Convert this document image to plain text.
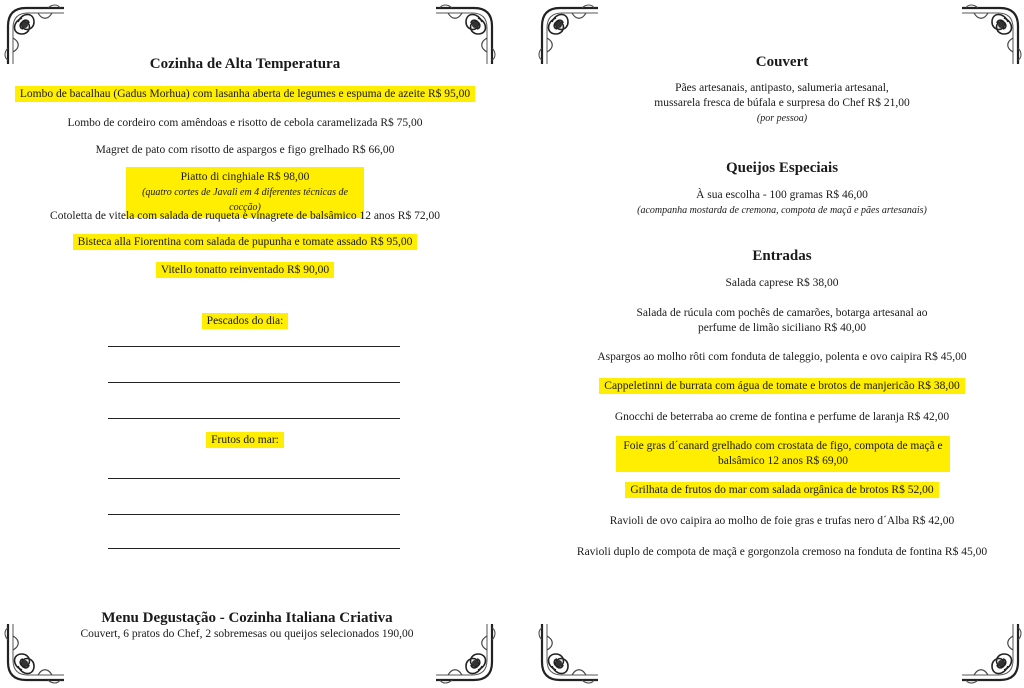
Cozinha de Alta Temperatura
Lombo de bacalhau (Gadus Morhua) com lasanha aberta de legumes e espuma de azeite R$ 95,00
Lombo de cordeiro com amêndoas e risotto de cebola caramelizada R$ 75,00
Magret de pato com risotto de aspargos e figo grelhado R$ 66,00
Piatto di cinghiale R$ 98,00
(quatro cortes de Javali em 4 diferentes técnicas de cocção)
Cotoletta de vitela com salada de ruqueta e vinagrete de balsâmico 12 anos R$ 72,00
Bisteca alla Fiorentina com salada de pupunha e tomate assado R$ 95,00
Vitello tonatto reinventado R$ 90,00
Pescados do dia:
Frutos do mar:
Menu Degustação - Cozinha Italiana Criativa
Couvert, 6 pratos do Chef, 2 sobremesas ou queijos selecionados 190,00
Couvert
Pães artesanais, antipasto, salumeria artesanal,
mussarela fresca de búfala e surpresa do Chef R$ 21,00
(por pessoa)
Queijos Especiais
À sua escolha - 100 gramas R$ 46,00
(acompanha mostarda de cremona, compota de maçã e pães artesanais)
Entradas
Salada caprese R$ 38,00
Salada de rúcula com pochês de camarões, botarga artesanal ao
perfume de limão siciliano R$ 40,00
Aspargos ao molho rôti com fonduta de taleggio, polenta e ovo caipira R$ 45,00
Cappeletinni de burrata com água de tomate e brotos de manjericão R$ 38,00
Gnocchi de beterraba ao creme de fontina e perfume de laranja R$ 42,00
Foie gras d´canard grelhado com crostata de figo, compota de maçã e
balsâmico 12 anos R$ 69,00
Grilhata de frutos do mar com salada orgânica de brotos R$ 52,00
Ravioli de ovo caipira ao molho de foie gras e trufas nero d´Alba R$ 42,00
Ravioli duplo de compota de maçã e gorgonzola cremoso na fonduta de fontina R$ 45,00
